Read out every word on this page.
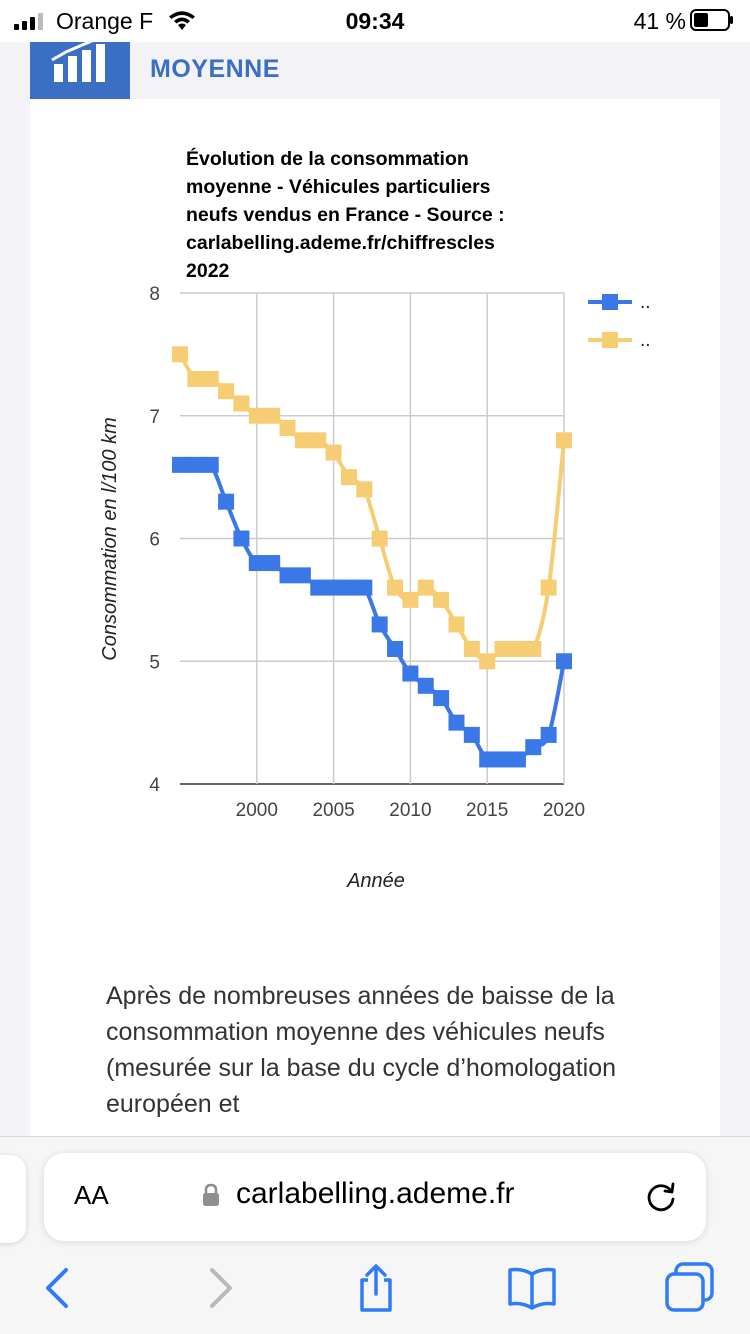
Orange F	09:34	41 %
MOYENNE
Évolution de la consommation
moyenne - Véhicules particuliers
neufs vendus en France - Source :
carlabelling.ademe.fr/chiffrescles
2022
4
5
6
7
8
2000 2005 2010 2015 2020
..
..
Année
Consommation en l/100 km
Après de nombreuses années de baisse de la consommation moyenne des véhicules neufs (mesurée sur la base du cycle d’homologation européen et
AA	carlabelling.ademe.fr
